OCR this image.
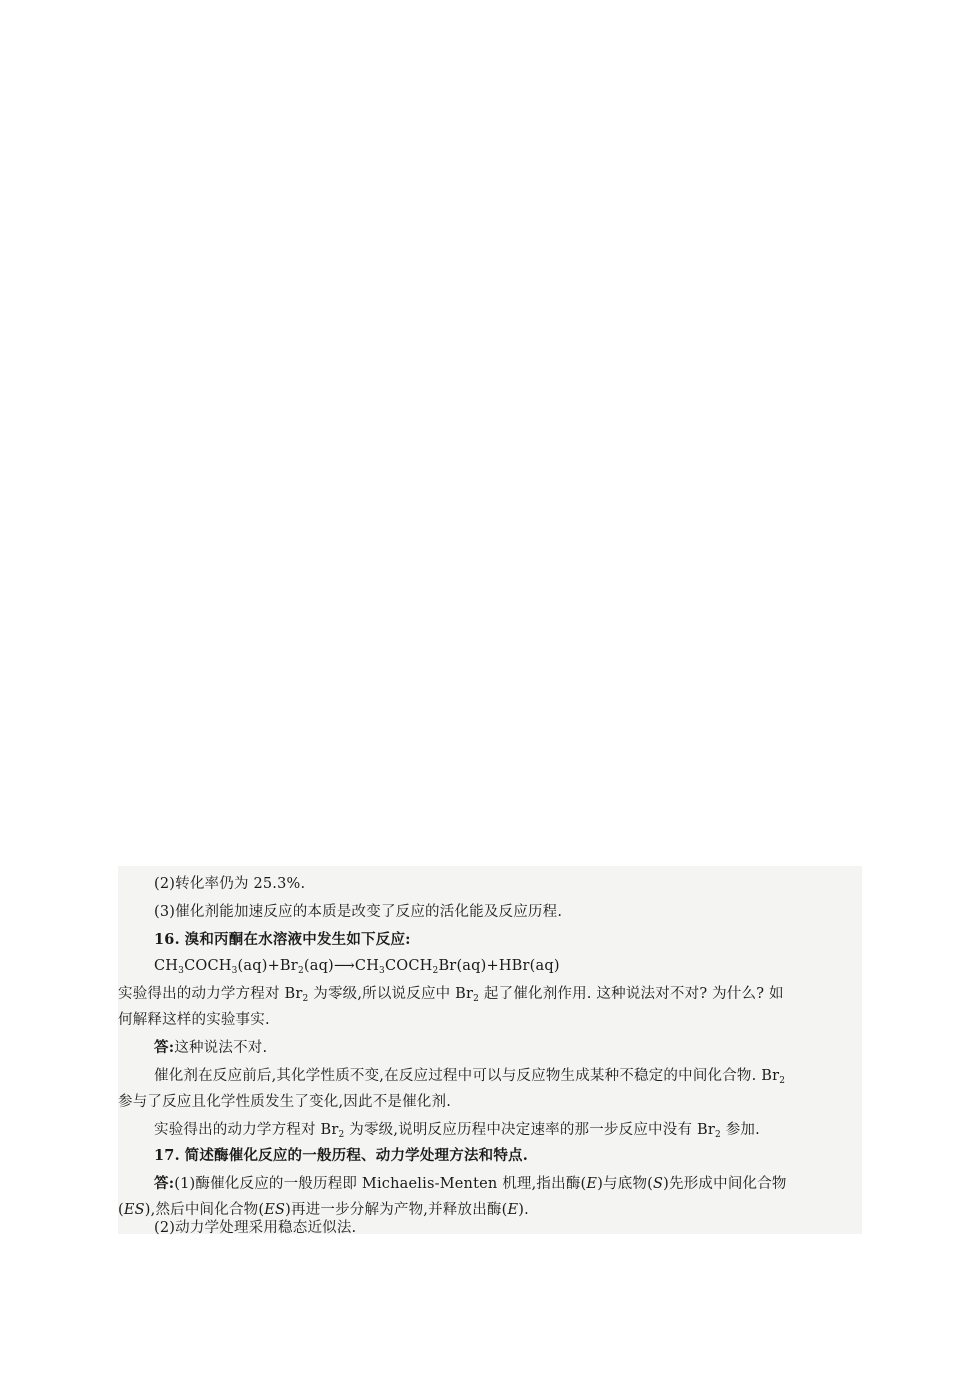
(2)转化率仍为 25.3%.
(3)催化剂能加速反应的本质是改变了反应的活化能及反应历程.
16. 溴和丙酮在水溶液中发生如下反应:
$CH_3COCH_3(aq)+Br_2(aq)⟶CH_3COCH_2Br(aq)+HBr(aq)$
实验得出的动力学方程对 $Br_2$ 为零级,所以说反应中 $Br_2$ 起了催化剂作用. 这种说法对不对? 为什么? 如
何解释这样的实验事实.
答:这种说法不对.
催化剂在反应前后,其化学性质不变,在反应过程中可以与反应物生成某种不稳定的中间化合物. $Br_2$
参与了反应且化学性质发生了变化,因此不是催化剂.
实验得出的动力学方程对 $Br_2$ 为零级,说明反应历程中决定速率的那一步反应中没有 $Br_2$ 参加.
17. 简述酶催化反应的一般历程、动力学处理方法和特点.
答:(1)酶催化反应的一般历程即 Michaelis-Menten 机理,指出酶(E)与底物(S)先形成中间化合物
(ES),然后中间化合物(ES)再进一步分解为产物,并释放出酶(E).
(2)动力学处理采用稳态近似法.
